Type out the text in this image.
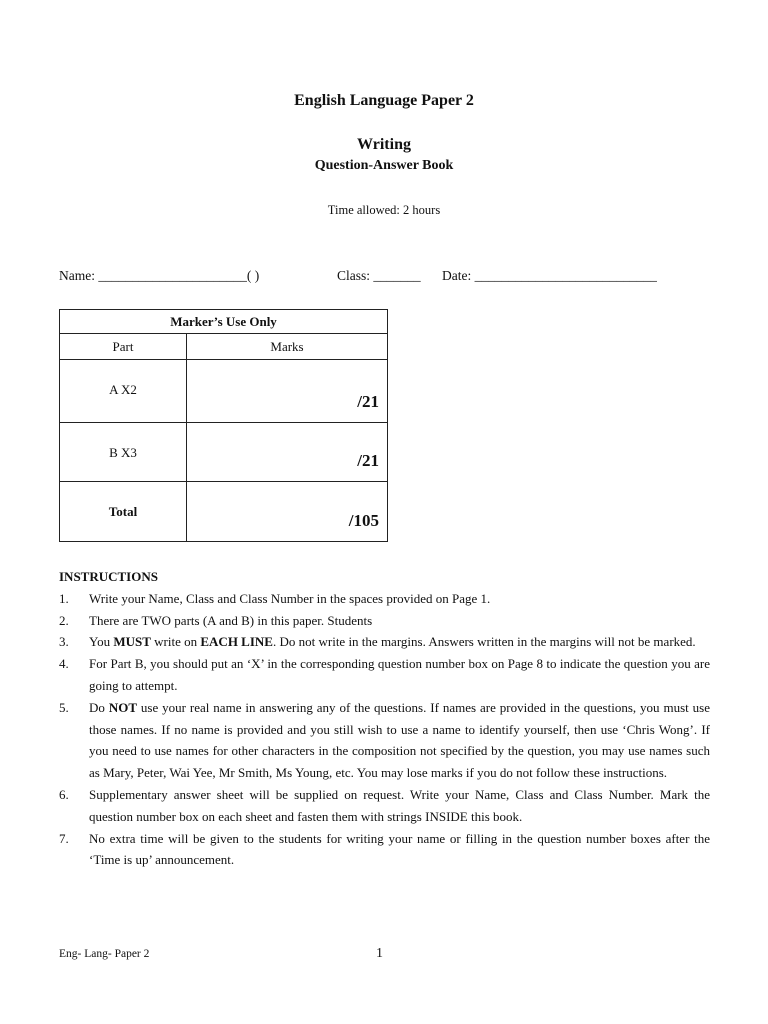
English Language Paper 2
Writing
Question-Answer Book
Time allowed: 2 hours
Name: ______________________( )	Class: _______ Date: ___________________________
Marker’s Use Only	
Part	Marks
A X2	/21

B X3	/21

Total	/105
INSTRUCTIONS
1. Write your Name, Class and Class Number in the spaces provided on Page 1.
2. There are TWO parts (A and B) in this paper. Students
3. You MUST write on EACH LINE. Do not write in the margins. Answers written in the margins will not be marked.
4. For Part B, you should put an ‘X’ in the corresponding question number box on Page 8 to indicate the question you are going to attempt.
5. Do NOT use your real name in answering any of the questions. If names are provided in the questions, you must use those names. If no name is provided and you still wish to use a name to identify yourself, then use ‘Chris Wong’. If you need to use names for other characters in the composition not specified by the question, you may use names such as Mary, Peter, Wai Yee, Mr Smith, Ms Young, etc. You may lose marks if you do not follow these instructions.
6. Supplementary answer sheet will be supplied on request. Write your Name, Class and Class Number. Mark the question number box on each sheet and fasten them with strings INSIDE this book.
7. No extra time will be given to the students for writing your name or filling in the question number boxes after the ‘Time is up’ announcement.
Eng- Lang- Paper 2	1
